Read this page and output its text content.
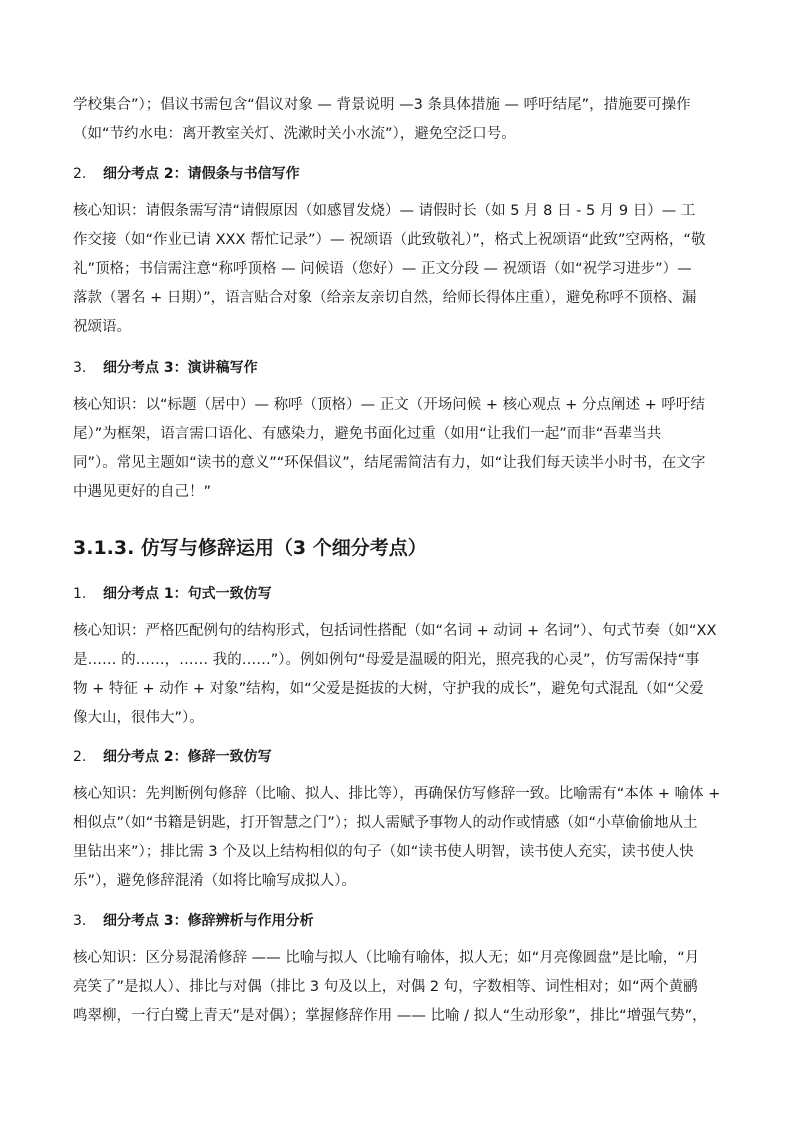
学校集合”）；倡议书需包含“倡议对象 — 背景说明 —3 条具体措施 — 呼吁结尾”，措施要可操作
（如“节约水电：离开教室关灯、洗漱时关小水流”），避免空泛口号。

2. 细分考点 2：请假条与书信写作

核心知识：请假条需写清“请假原因（如感冒发烧）— 请假时长（如 5 月 8 日 - 5 月 9 日）— 工
作交接（如“作业已请 XXX 帮忙记录”）— 祝颂语（此致敬礼）”，格式上祝颂语“此致”空两格，“敬
礼”顶格；书信需注意“称呼顶格 — 问候语（您好）— 正文分段 — 祝颂语（如“祝学习进步”）—
落款（署名 + 日期）”，语言贴合对象（给亲友亲切自然，给师长得体庄重），避免称呼不顶格、漏
祝颂语。

3. 细分考点 3：演讲稿写作

核心知识：以“标题（居中）— 称呼（顶格）— 正文（开场问候 + 核心观点 + 分点阐述 + 呼吁结
尾）”为框架，语言需口语化、有感染力，避免书面化过重（如用“让我们一起”而非“吾辈当共
同”）。常见主题如“读书的意义”“环保倡议”，结尾需简洁有力，如“让我们每天读半小时书，在文字
中遇见更好的自己！”

3.1.3. 仿写与修辞运用（3 个细分考点）

1. 细分考点 1：句式一致仿写

核心知识：严格匹配例句的结构形式，包括词性搭配（如“名词 + 动词 + 名词”）、句式节奏（如“XX
是…… 的……，…… 我的……”）。例如例句“母爱是温暖的阳光，照亮我的心灵”，仿写需保持“事
物 + 特征 + 动作 + 对象”结构，如“父爱是挺拔的大树，守护我的成长”，避免句式混乱（如“父爱
像大山，很伟大”）。

2. 细分考点 2：修辞一致仿写

核心知识：先判断例句修辞（比喻、拟人、排比等），再确保仿写修辞一致。比喻需有“本体 + 喻体 +
相似点”（如“书籍是钥匙，打开智慧之门”）；拟人需赋予事物人的动作或情感（如“小草偷偷地从土
里钻出来”）；排比需 3 个及以上结构相似的句子（如“读书使人明智，读书使人充实，读书使人快
乐”），避免修辞混淆（如将比喻写成拟人）。

3. 细分考点 3：修辞辨析与作用分析

核心知识：区分易混淆修辞 —— 比喻与拟人（比喻有喻体，拟人无；如“月亮像圆盘”是比喻，“月
亮笑了”是拟人）、排比与对偶（排比 3 句及以上，对偶 2 句，字数相等、词性相对；如“两个黄鹂
鸣翠柳，一行白鹭上青天”是对偶）；掌握修辞作用 —— 比喻 / 拟人“生动形象”，排比“增强气势”，
